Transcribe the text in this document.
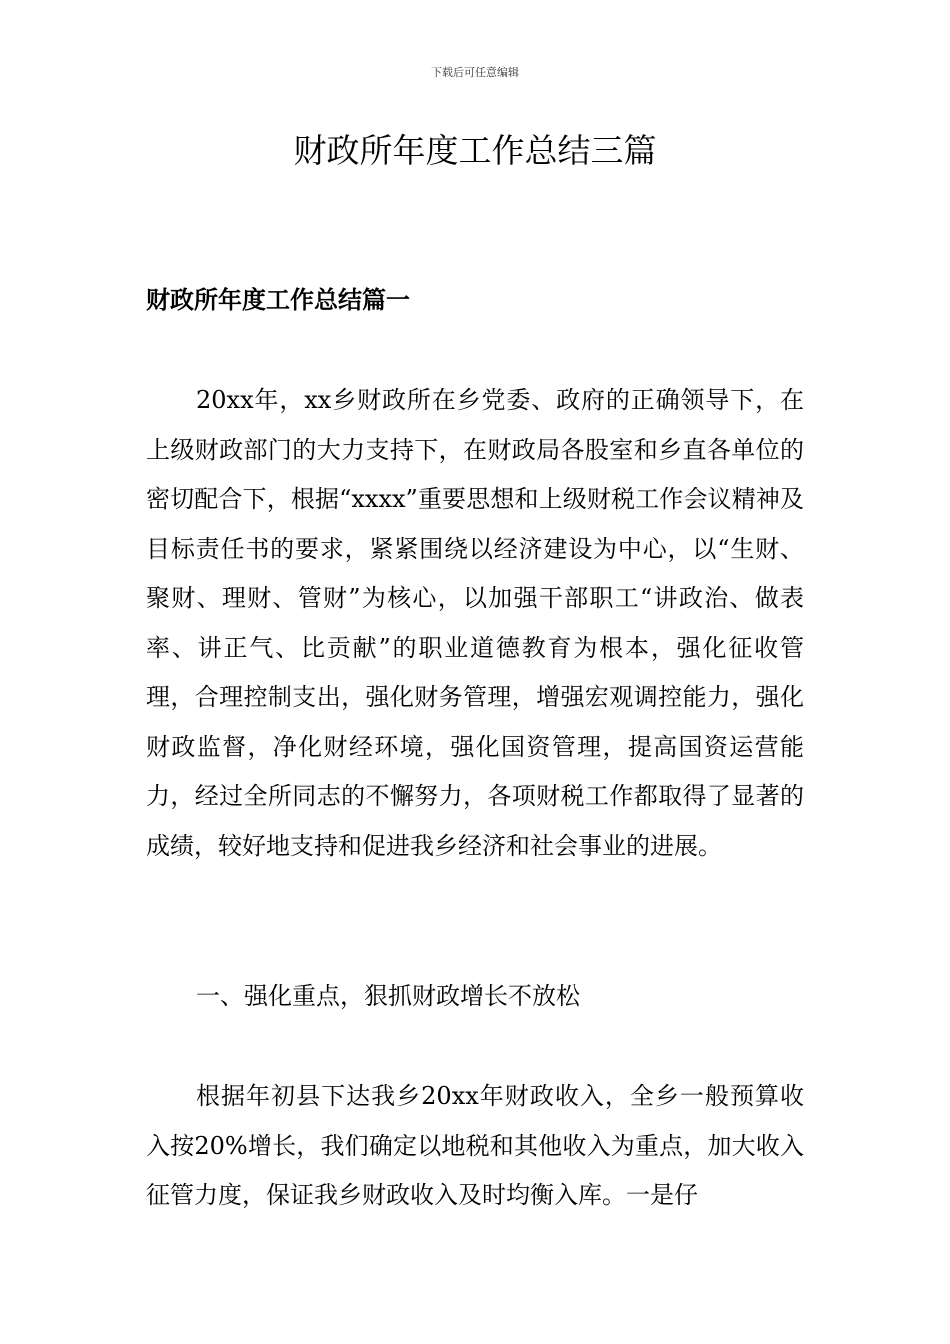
下载后可任意编辑
财政所年度工作总结三篇
财政所年度工作总结篇一

20xx年，xx乡财政所在乡党委、政府的正确领导下，在上级财政部门的大力支持下，在财政局各股室和乡直各单位的密切配合下，根据“xxxx”重要思想和上级财税工作会议精神及目标责任书的要求，紧紧围绕以经济建设为中心，以“生财、聚财、理财、管财”为核心，以加强干部职工“讲政治、做表率、讲正气、比贡献”的职业道德教育为根本，强化征收管理，合理控制支出，强化财务管理，增强宏观调控能力，强化财政监督，净化财经环境，强化国资管理，提高国资运营能力，经过全所同志的不懈努力，各项财税工作都取得了显著的成绩，较好地支持和促进我乡经济和社会事业的进展。

一、强化重点，狠抓财政增长不放松

根据年初县下达我乡20xx年财政收入，全乡一般预算收入按20%增长，我们确定以地税和其他收入为重点，加大收入征管力度，保证我乡财政收入及时均衡入库。一是仔
